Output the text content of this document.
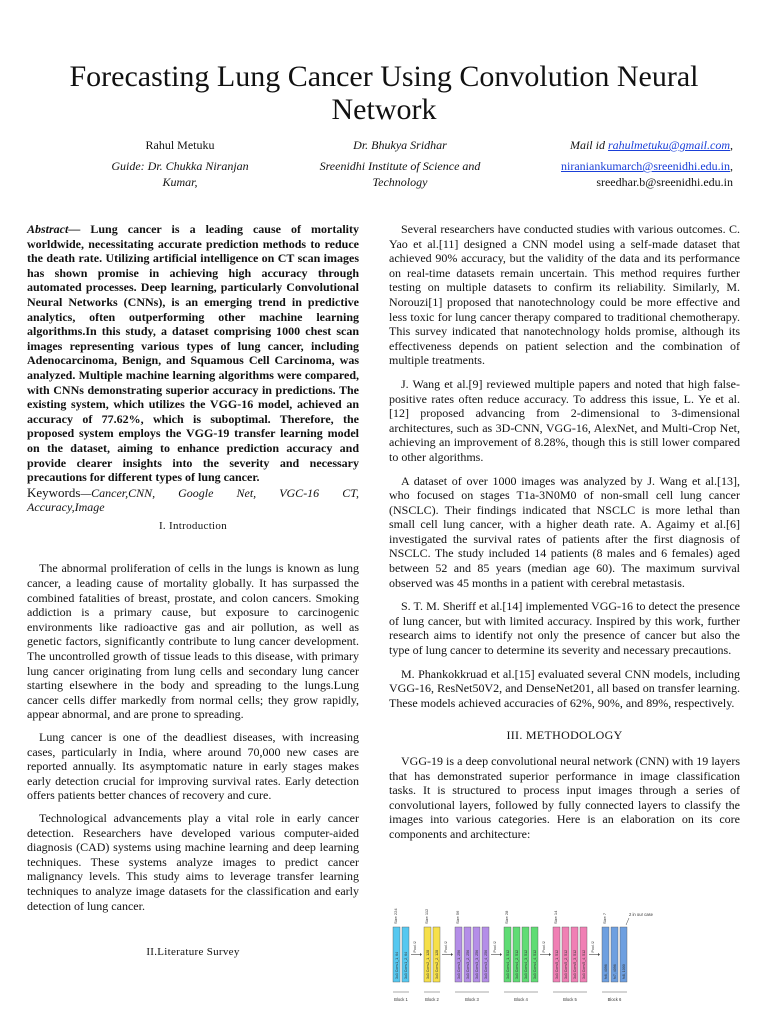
Forecasting Lung Cancer Using Convolution Neural Network
Rahul Metuku
Guide: Dr. Chukka Niranjan Kumar,
Dr. Bhukya Sridhar
Sreenidhi Institute of Science and Technology
Mail id rahulmetuku@gmail.com,
niraniankumarch@sreenidhi.edu.in,
sreedhar.b@sreenidhi.edu.in

Abstract— Lung cancer is a leading cause of mortality worldwide, necessitating accurate prediction methods to reduce the death rate. Utilizing artificial intelligence on CT scan images has shown promise in achieving high accuracy through automated processes. Deep learning, particularly Convolutional Neural Networks (CNNs), is an emerging trend in predictive analytics, often outperforming other machine learning algorithms.In this study, a dataset comprising 1000 chest scan images representing various types of lung cancer, including Adenocarcinoma, Benign, and Squamous Cell Carcinoma, was analyzed. Multiple machine learning algorithms were compared, with CNNs demonstrating superior accuracy in predictions. The existing system, which utilizes the VGG-16 model, achieved an accuracy of 77.62%, which is suboptimal. Therefore, the proposed system employs the VGG-19 transfer learning model on the dataset, aiming to enhance prediction accuracy and provide clearer insights into the severity and necessary precautions for different types of lung cancer.

Keywords—Cancer,CNN, Google Net, VGC-16 CT, Accuracy,Image

I. Introduction

The abnormal proliferation of cells in the lungs is known as lung cancer, a leading cause of mortality globally. It has surpassed the combined fatalities of breast, prostate, and colon cancers. Smoking addiction is a primary cause, but exposure to carcinogenic environments like radioactive gas and air pollution, as well as genetic factors, significantly contribute to lung cancer development. The uncontrolled growth of tissue leads to this disease, with primary lung cancer originating from lung cells and secondary lung cancer starting elsewhere in the body and spreading to the lungs.Lung cancer cells differ markedly from normal cells; they grow rapidly, appear abnormal, and are prone to spreading.

Lung cancer is one of the deadliest diseases, with increasing cases, particularly in India, where around 70,000 new cases are reported annually. Its asymptomatic nature in early stages makes early detection crucial for improving survival rates. Early detection offers patients better chances of recovery and cure.

Technological advancements play a vital role in early cancer detection. Researchers have developed various computer-aided diagnosis (CAD) systems using machine learning and deep learning techniques. These systems analyze images to predict cancer malignancy levels. This study aims to leverage transfer learning techniques to analyze image datasets for the classification and early detection of lung cancer.

II.Literature Survey

Several researchers have conducted studies with various outcomes. C. Yao et al.[11] designed a CNN model using a self-made dataset that achieved 90% accuracy, but the validity of the data and its performance on real-time datasets remain uncertain. This method requires further testing on multiple datasets to confirm its reliability. Similarly, M. Norouzi[1] proposed that nanotechnology could be more effective and less toxic for lung cancer therapy compared to traditional chemotherapy. This survey indicated that nanotechnology holds promise, although its effectiveness depends on patient selection and the combination of multiple treatments.

J. Wang et al.[9] reviewed multiple papers and noted that high false-positive rates often reduce accuracy. To address this issue, L. Ye et al.[12] proposed advancing from 2-dimensional to 3-dimensional architectures, such as 3D-CNN, VGG-16, AlexNet, and Multi-Crop Net, achieving an improvement of 8.28%, though this is still lower compared to other algorithms.

A dataset of over 1000 images was analyzed by J. Wang et al.[13], who focused on stages T1a-3N0M0 of non-small cell lung cancer (NSCLC). Their findings indicated that NSCLC is more lethal than small cell lung cancer, with a higher death rate. A. Agaimy et al.[6] investigated the survival rates of patients after the first diagnosis of NSCLC. The study included 14 patients (8 males and 6 females) aged between 52 and 85 years (median age 60). The maximum survival observed was 45 months in a patient with cerebral metastasis.

S. T. M. Sheriff et al.[14] implemented VGG-16 to detect the presence of lung cancer, but with limited accuracy. Inspired by this work, further research aims to identify not only the presence of cancer but also the type of lung cancer to determine its severity and necessary precautions.

M. Phankokkruad et al.[15] evaluated several CNN models, including VGG-16, ResNet50V2, and DenseNet201, all based on transfer learning. These models achieved accuracies of 62%, 90%, and 89%, respectively.

III. METHODOLOGY

VGG-19 is a deep convolutional neural network (CNN) with 19 layers that has demonstrated superior performance in image classification tasks. It is structured to process input images through a series of convolutional layers, followed by fully connected layers to classify the images into various categories. Here is an elaboration on its core components and architecture:

Size 224
3x3 Conv1_1, 64 3x3 Conv1_2, 64
Block 1
Pool /2
Size 112
3x3 Conv2_1, 128 3x3 Conv2_2, 128
Block 2
Pool /2
Size 56
3x3 Conv3_1, 256 3x3 Conv3_2, 256 3x3 Conv3_3, 256 3x3 Conv3_4, 256
Block 3
Pool /2
Size 28
3x3 Conv4_1, 512 3x3 Conv4_2, 512 3x3 Conv4_3, 512 3x3 Conv4_4, 512
Block 4
Pool /2
Size 14
3x3 Conv5_1, 512 3x3 Conv5_2, 512 3x3 Conv5_3, 512 3x3 Conv5_4, 512
Block 5
Pool /2
Size 7
fc6, 4096 fc7, 4096 fc8, 1000
Block 6
2 in our case
